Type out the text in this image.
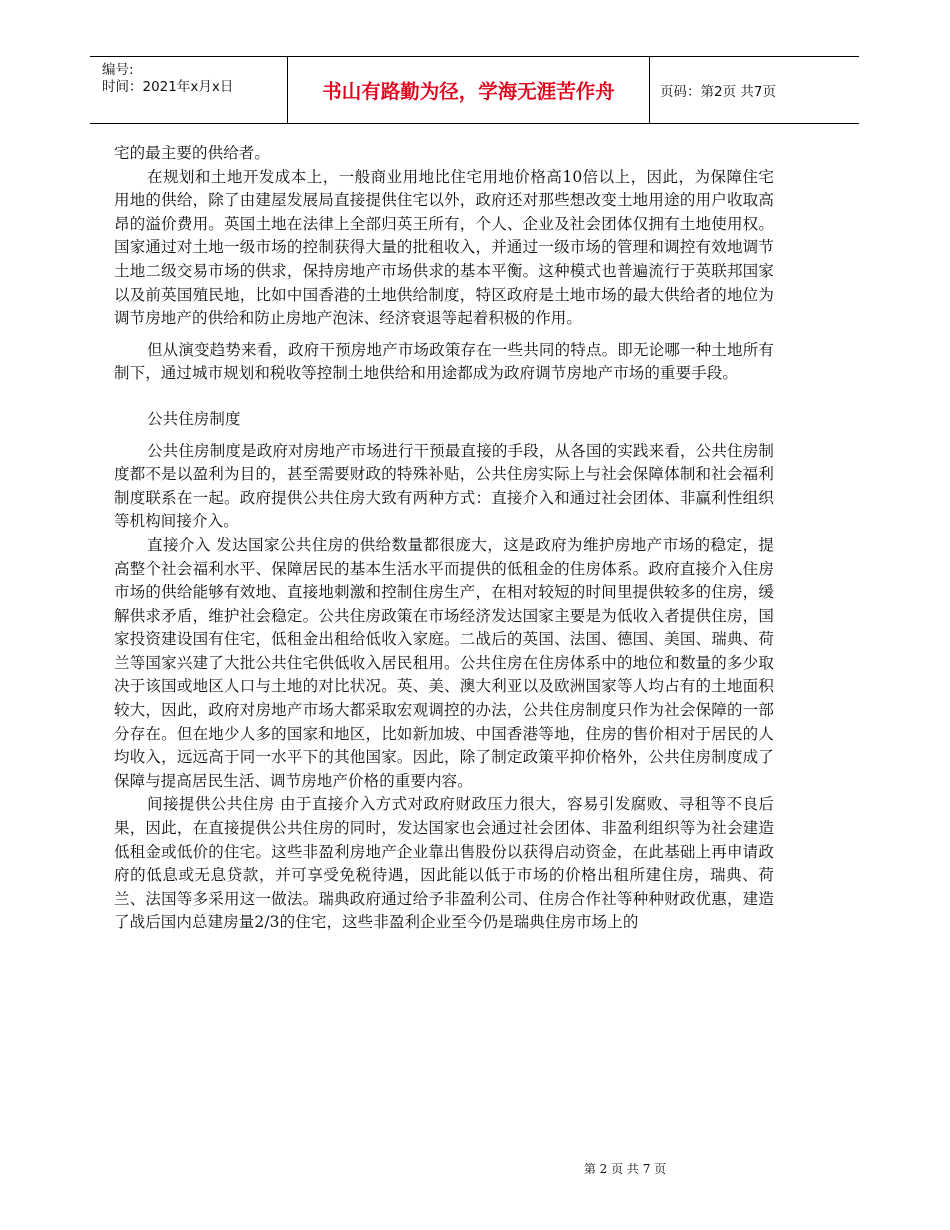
编号:
时间：2021年x月x日	书山有路勤为径，学海无涯苦作舟	页码：第2页 共7页

宅的最主要的供给者。

在规划和土地开发成本上，一般商业用地比住宅用地价格高10倍以上，因此，为保障住宅用地的供给，除了由建屋发展局直接提供住宅以外，政府还对那些想改变土地用途的用户收取高昂的溢价费用。英国土地在法律上全部归英王所有，个人、企业及社会团体仅拥有土地使用权。国家通过对土地一级市场的控制获得大量的批租收入，并通过一级市场的管理和调控有效地调节土地二级交易市场的供求，保持房地产市场供求的基本平衡。这种模式也普遍流行于英联邦国家以及前英国殖民地，比如中国香港的土地供给制度，特区政府是土地市场的最大供给者的地位为调节房地产的供给和防止房地产泡沫、经济衰退等起着积极的作用。

但从演变趋势来看，政府干预房地产市场政策存在一些共同的特点。即无论哪一种土地所有制下，通过城市规划和税收等控制土地供给和用途都成为政府调节房地产市场的重要手段。

公共住房制度

公共住房制度是政府对房地产市场进行干预最直接的手段，从各国的实践来看，公共住房制度都不是以盈利为目的，甚至需要财政的特殊补贴，公共住房实际上与社会保障体制和社会福利制度联系在一起。政府提供公共住房大致有两种方式：直接介入和通过社会团体、非赢利性组织等机构间接介入。

直接介入 发达国家公共住房的供给数量都很庞大，这是政府为维护房地产市场的稳定，提高整个社会福利水平、保障居民的基本生活水平而提供的低租金的住房体系。政府直接介入住房市场的供给能够有效地、直接地刺激和控制住房生产，在相对较短的时间里提供较多的住房，缓解供求矛盾，维护社会稳定。公共住房政策在市场经济发达国家主要是为低收入者提供住房，国家投资建设国有住宅，低租金出租给低收入家庭。二战后的英国、法国、德国、美国、瑞典、荷兰等国家兴建了大批公共住宅供低收入居民租用。公共住房在住房体系中的地位和数量的多少取决于该国或地区人口与土地的对比状况。英、美、澳大利亚以及欧洲国家等人均占有的土地面积较大，因此，政府对房地产市场大都采取宏观调控的办法，公共住房制度只作为社会保障的一部分存在。但在地少人多的国家和地区，比如新加坡、中国香港等地，住房的售价相对于居民的人均收入，远远高于同一水平下的其他国家。因此，除了制定政策平抑价格外，公共住房制度成了保障与提高居民生活、调节房地产价格的重要内容。

间接提供公共住房 由于直接介入方式对政府财政压力很大，容易引发腐败、寻租等不良后果，因此，在直接提供公共住房的同时，发达国家也会通过社会团体、非盈利组织等为社会建造低租金或低价的住宅。这些非盈利房地产企业靠出售股份以获得启动资金，在此基础上再申请政府的低息或无息贷款，并可享受免税待遇，因此能以低于市场的价格出租所建住房，瑞典、荷兰、法国等多采用这一做法。瑞典政府通过给予非盈利公司、住房合作社等种种财政优惠，建造了战后国内总建房量2/3的住宅，这些非盈利企业至今仍是瑞典住房市场上的

第 2 页 共 7 页
